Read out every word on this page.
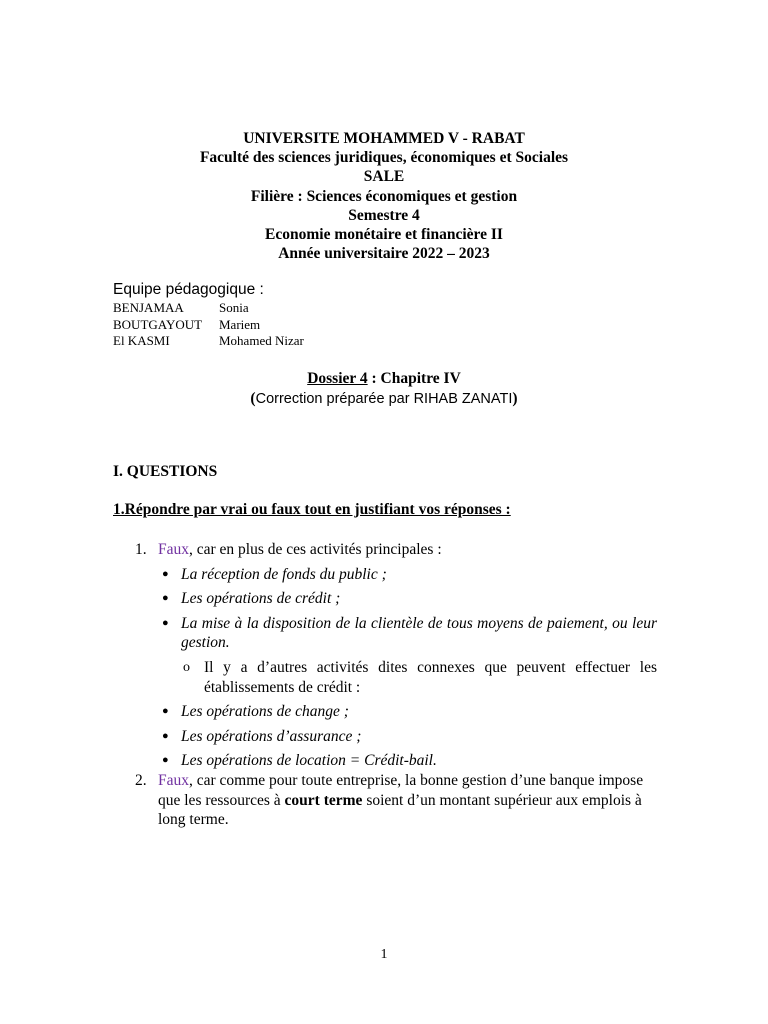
UNIVERSITE MOHAMMED V - RABAT
Faculté des sciences juridiques, économiques et Sociales
SALE
Filière : Sciences économiques et gestion
Semestre 4
Economie monétaire et financière II
Année universitaire 2022 – 2023
Equipe pédagogique :
BENJAMAA	Sonia
BOUTGAYOUT	Mariem
El KASMI	Mohamed Nizar
Dossier 4 : Chapitre IV
(Correction préparée par RIHAB ZANATI)
I. QUESTIONS
1.Répondre par vrai ou faux tout en justifiant vos réponses :
1. Faux, car en plus de ces activités principales :
● La réception de fonds du public ;
● Les opérations de crédit ;
● La mise à la disposition de la clientèle de tous moyens de paiement, ou leur gestion.
o Il y a d’autres activités dites connexes que peuvent effectuer les établissements de crédit :
● Les opérations de change ;
● Les opérations d’assurance ;
● Les opérations de location = Crédit-bail.
2. Faux, car comme pour toute entreprise, la bonne gestion d’une banque impose que les ressources à court terme soient d’un montant supérieur aux emplois à long terme.
1
